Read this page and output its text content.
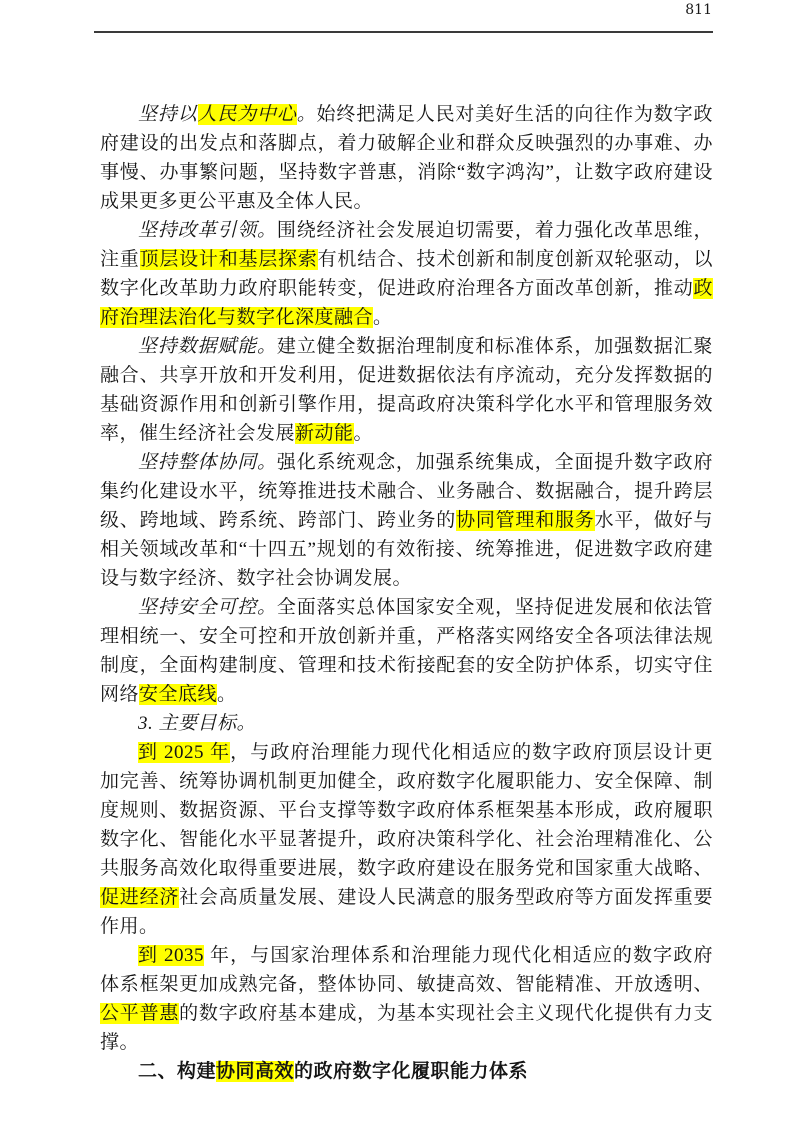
811

坚持以人民为中心。始终把满足人民对美好生活的向往作为数字政府建设的出发点和落脚点，着力破解企业和群众反映强烈的办事难、办事慢、办事繁问题，坚持数字普惠，消除“数字鸿沟”，让数字政府建设成果更多更公平惠及全体人民。

坚持改革引领。围绕经济社会发展迫切需要，着力强化改革思维，注重顶层设计和基层探索有机结合、技术创新和制度创新双轮驱动，以数字化改革助力政府职能转变，促进政府治理各方面改革创新，推动政府治理法治化与数字化深度融合。

坚持数据赋能。建立健全数据治理制度和标准体系，加强数据汇聚融合、共享开放和开发利用，促进数据依法有序流动，充分发挥数据的基础资源作用和创新引擎作用，提高政府决策科学化水平和管理服务效率，催生经济社会发展新动能。

坚持整体协同。强化系统观念，加强系统集成，全面提升数字政府集约化建设水平，统筹推进技术融合、业务融合、数据融合，提升跨层级、跨地域、跨系统、跨部门、跨业务的协同管理和服务水平，做好与相关领域改革和“十四五”规划的有效衔接、统筹推进，促进数字政府建设与数字经济、数字社会协调发展。

坚持安全可控。全面落实总体国家安全观，坚持促进发展和依法管理相统一、安全可控和开放创新并重，严格落实网络安全各项法律法规制度，全面构建制度、管理和技术衔接配套的安全防护体系，切实守住网络安全底线。

3. 主要目标。

到 2025 年，与政府治理能力现代化相适应的数字政府顶层设计更加完善、统筹协调机制更加健全，政府数字化履职能力、安全保障、制度规则、数据资源、平台支撑等数字政府体系框架基本形成，政府履职数字化、智能化水平显著提升，政府决策科学化、社会治理精准化、公共服务高效化取得重要进展，数字政府建设在服务党和国家重大战略、促进经济社会高质量发展、建设人民满意的服务型政府等方面发挥重要作用。

到 2035 年，与国家治理体系和治理能力现代化相适应的数字政府体系框架更加成熟完备，整体协同、敏捷高效、智能精准、开放透明、公平普惠的数字政府基本建成，为基本实现社会主义现代化提供有力支撑。

二、构建协同高效的政府数字化履职能力体系
